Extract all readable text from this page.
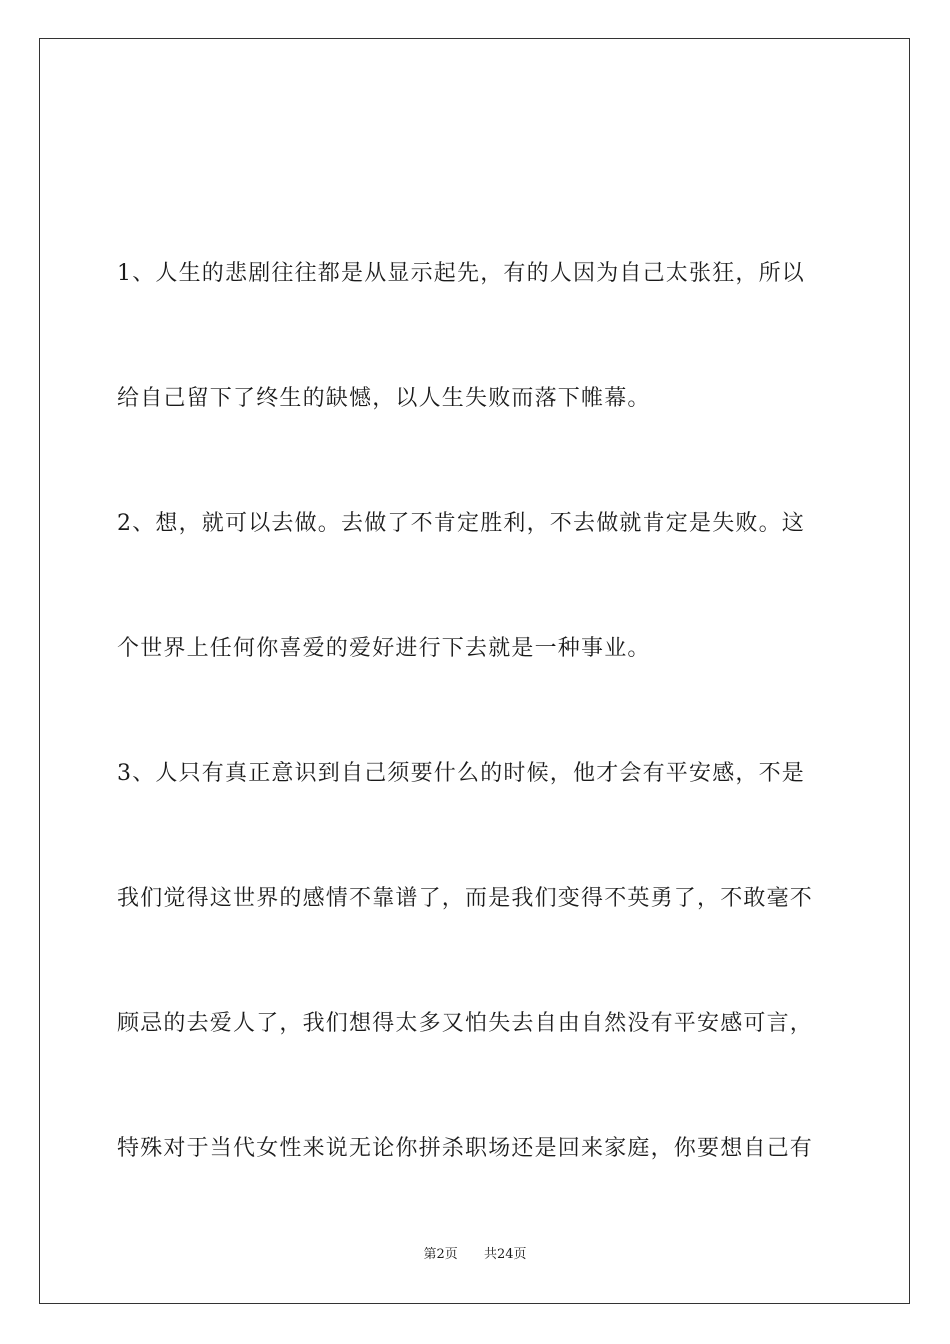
1、人生的悲剧往往都是从显示起先，有的人因为自己太张狂，所以
给自己留下了终生的缺憾，以人生失败而落下帷幕。
2、想，就可以去做。去做了不肯定胜利，不去做就肯定是失败。这
个世界上任何你喜爱的爱好进行下去就是一种事业。
3、人只有真正意识到自己须要什么的时候，他才会有平安感，不是
我们觉得这世界的感情不靠谱了，而是我们变得不英勇了，不敢毫不
顾忌的去爱人了，我们想得太多又怕失去自由自然没有平安感可言，
特殊对于当代女性来说无论你拼杀职场还是回来家庭，你要想自己有
第2页 共24页
